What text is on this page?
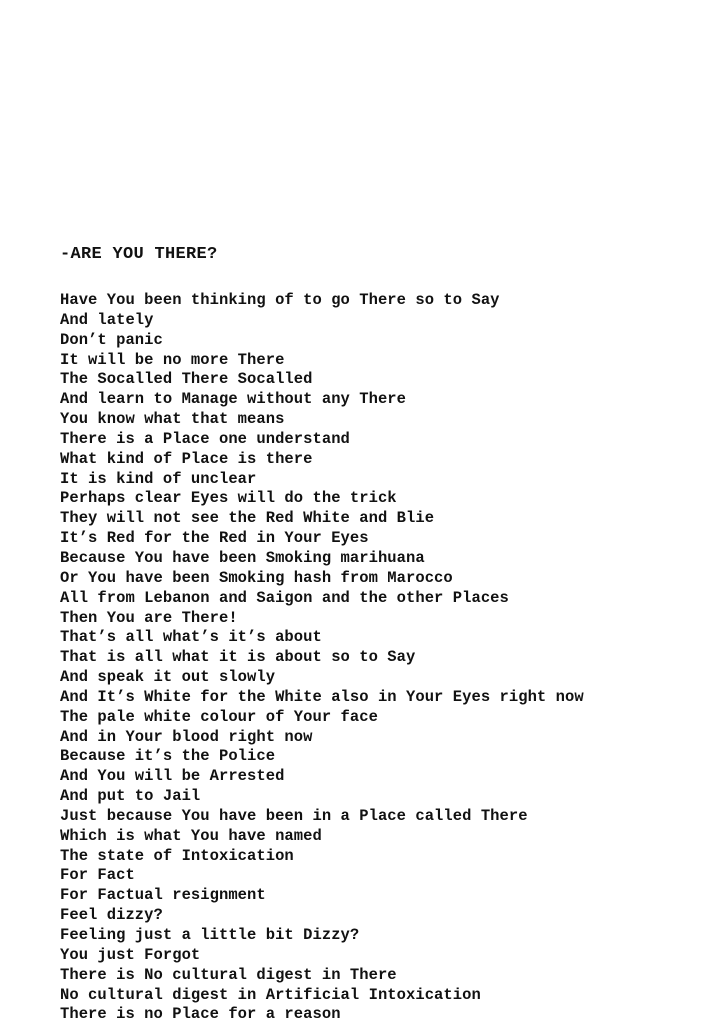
-ARE YOU THERE?
Have You been thinking of to go There so to Say
And lately
Don’t panic
It will be no more There
The Socalled There Socalled
And learn to Manage without any There
You know what that means
There is a Place one understand
What kind of Place is there
It is kind of unclear
Perhaps clear Eyes will do the trick
They will not see the Red White and Blie
It’s Red for the Red in Your Eyes
Because You have been Smoking marihuana
Or You have been Smoking hash from Marocco
All from Lebanon and Saigon and the other Places
Then You are There!
That’s all what’s it’s about
That is all what it is about so to Say
And speak it out slowly
And It’s White for the White also in Your Eyes right now
The pale white colour of Your face
And in Your blood right now
Because it’s the Police
And You will be Arrested
And put to Jail
Just because You have been in a Place called There
Which is what You have named
The state of Intoxication
For Fact
For Factual resignment
Feel dizzy?
Feeling just a little bit Dizzy?
You just Forgot
There is No cultural digest in There
No cultural digest in Artificial Intoxication
There is no Place for a reason
